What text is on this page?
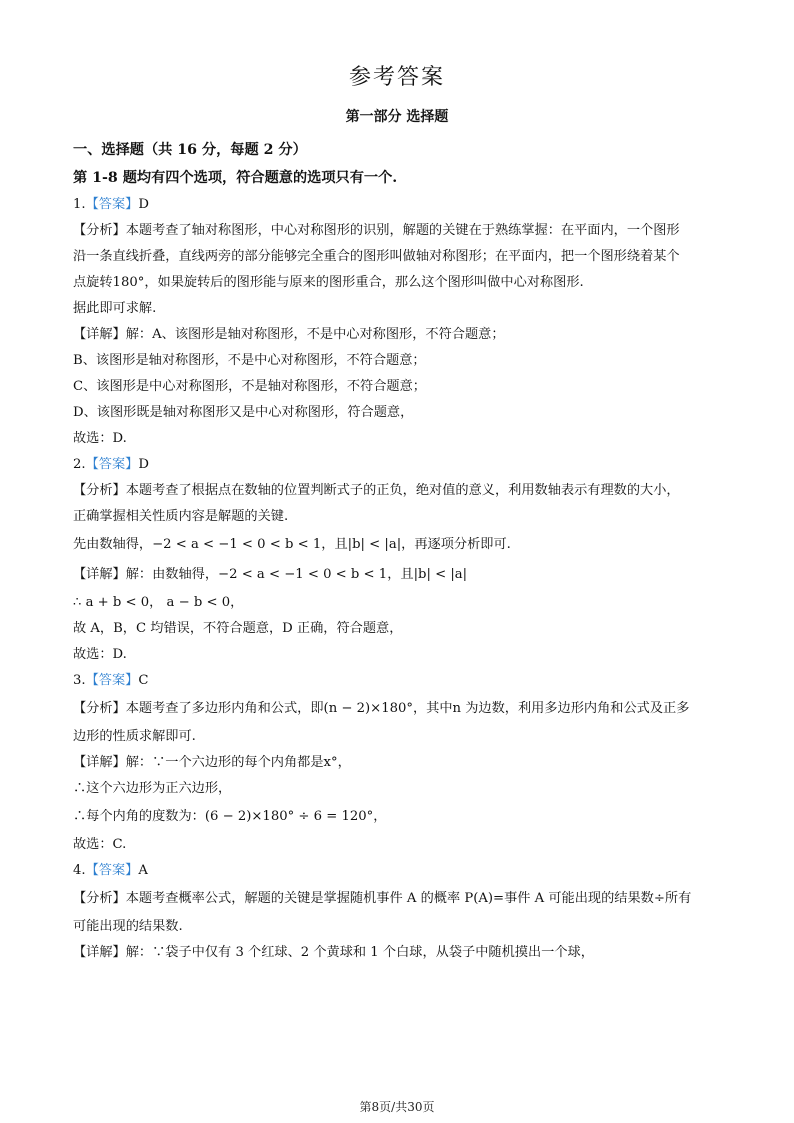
参考答案
第一部分 选择题
一、选择题（共 16 分，每题 2 分）
第 1-8 题均有四个选项，符合题意的选项只有一个.
1.【答案】D
【分析】本题考查了轴对称图形，中心对称图形的识别，解题的关键在于熟练掌握：在平面内，一个图形
沿一条直线折叠，直线两旁的部分能够完全重合的图形叫做轴对称图形；在平面内，把一个图形绕着某个
点旋转180°，如果旋转后的图形能与原来的图形重合，那么这个图形叫做中心对称图形.
据此即可求解.
【详解】解：A、该图形是轴对称图形，不是中心对称图形，不符合题意；
B、该图形是轴对称图形，不是中心对称图形，不符合题意；
C、该图形是中心对称图形，不是轴对称图形，不符合题意；
D、该图形既是轴对称图形又是中心对称图形，符合题意，
故选：D.
2.【答案】D
【分析】本题考查了根据点在数轴的位置判断式子的正负，绝对值的意义，利用数轴表示有理数的大小，
正确掌握相关性质内容是解题的关键.
先由数轴得，−2 < a < −1 < 0 < b < 1，且|b| < |a|，再逐项分析即可.
【详解】解：由数轴得，−2 < a < −1 < 0 < b < 1，且|b| < |a|
∴ a + b < 0， a − b < 0，
故 A，B，C 均错误，不符合题意，D 正确，符合题意，
故选：D.
3.【答案】C
【分析】本题考查了多边形内角和公式，即(n − 2)×180°，其中n 为边数，利用多边形内角和公式及正多
边形的性质求解即可.
【详解】解：∵一个六边形的每个内角都是x°，
∴这个六边形为正六边形，
∴每个内角的度数为：(6 − 2)×180° ÷ 6 = 120°，
故选：C.
4.【答案】A
【分析】本题考查概率公式，解题的关键是掌握随机事件 A 的概率 P(A)=事件 A 可能出现的结果数÷所有
可能出现的结果数.
【详解】解：∵袋子中仅有 3 个红球、2 个黄球和 1 个白球，从袋子中随机摸出一个球，
第8页/共30页
